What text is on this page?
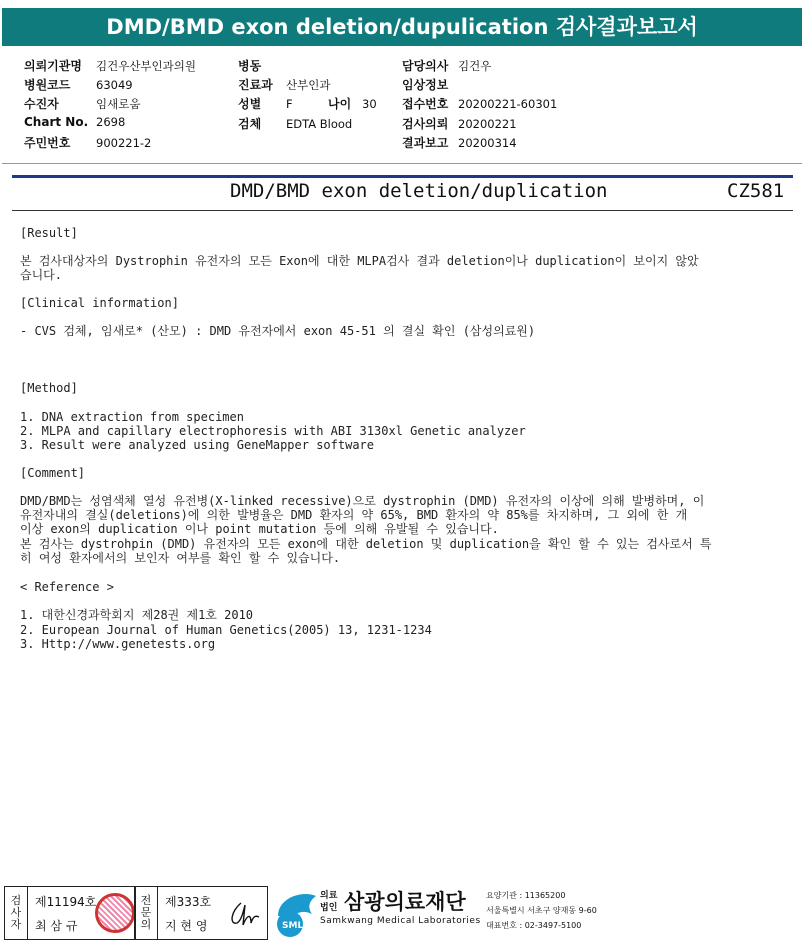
DMD/BMD exon deletion/dupulication 검사결과보고서
의뢰기관명 김건우산부인과의원
병원코드 63049
수진자	임새로움
Chart No. 2698
주민번호 900221-2
병동
진료과 산부인과
성별 F	나이 30
검체 EDTA Blood
담당의사 김건우
임상정보
접수번호 20200221-60301
검사의뢰 20200221
결과보고 20200314
DMD/BMD exon deletion/duplication	CZ581
[Result]
본 검사대상자의 Dystrophin 유전자의 모든 Exon에 대한 MLPA검사 결과 deletion이나 duplication이 보이지 않았
습니다.
[Clinical information]
- CVS 검체, 임새로* (산모) : DMD 유전자에서 exon 45-51 의 결실 확인 (삼성의료원)
[Method]
1. DNA extraction from specimen
2. MLPA and capillary electrophoresis with ABI 3130xl Genetic analyzer
3. Result were analyzed using GeneMapper software
[Comment]
DMD/BMD는 성염색체 열성 유전병(X-linked recessive)으로 dystrophin (DMD) 유전자의 이상에 의해 발병하며, 이
유전자내의 결실(deletions)에 의한 발병율은 DMD 환자의 약 65%, BMD 환자의 약 85%를 차지하며, 그 외에 한 개
이상 exon의 duplication 이나 point mutation 등에 의해 유발될 수 있습니다.
본 검사는 dystrohpin (DMD) 유전자의 모든 exon에 대한 deletion 및 duplication을 확인 할 수 있는 검사로서 특
히 여성 환자에서의 보인자 여부를 확인 할 수 있습니다.
< Reference >
1. 대한신경과학회지 제28권 제1호 2010
2. European Journal of Human Genetics(2005) 13, 1231-1234
3. Http://www.genetests.org
검
사
자
제11194호
최 삼 규
전
문
의
제333호
지 현 영	SML
의료
법인 삼광의료재단
Samkwang Medical Laboratories
요양기관 : 11365200
서울특별시 서초구 양재동 9-60
대표번호 : 02-3497-5100
